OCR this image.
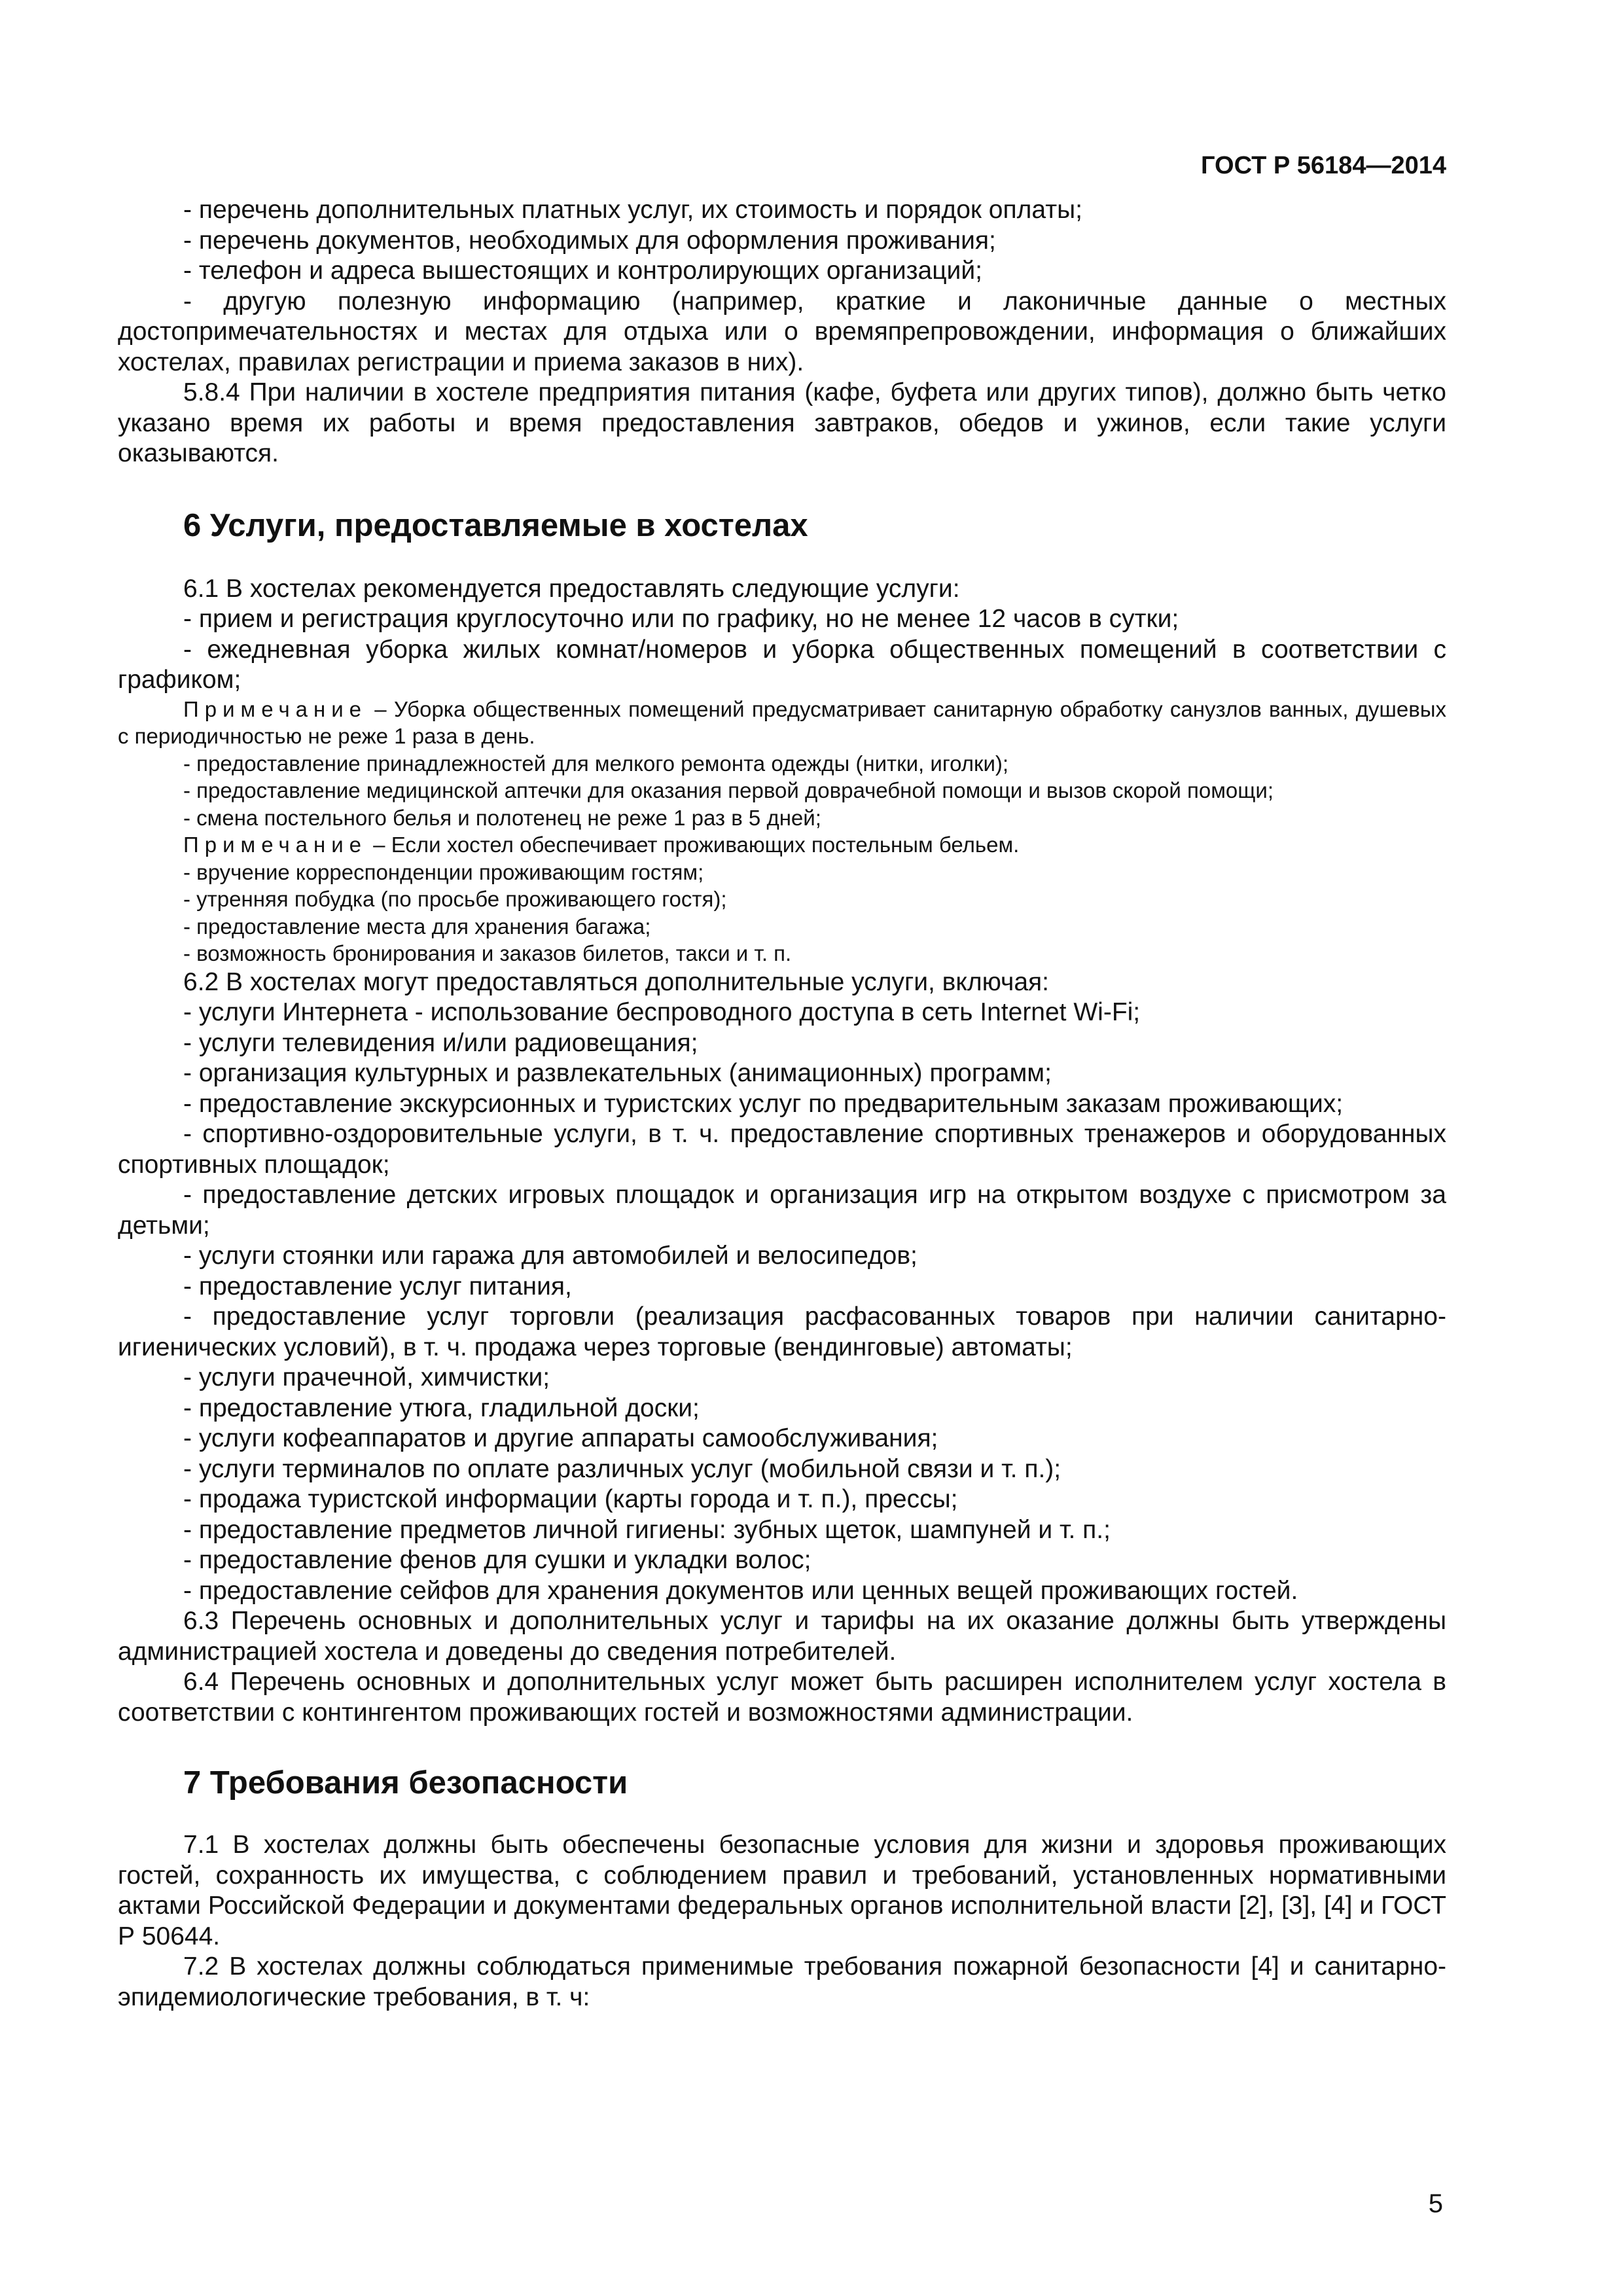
ГОСТ Р 56184—2014

- перечень дополнительных платных услуг, их стоимость и порядок оплаты;

- перечень документов, необходимых для оформления проживания;

- телефон и адреса вышестоящих и контролирующих организаций;

- другую полезную информацию (например, краткие и лаконичные данные о местных достопримечательностях и местах для отдыха или о времяпрепровождении, информация о ближайших хостелах, правилах регистрации и приема заказов в них).

5.8.4 При наличии в хостеле предприятия питания (кафе, буфета или других типов), должно быть четко указано время их работы и время предоставления завтраков, обедов и ужинов, если такие услуги оказываются.

6 Услуги, предоставляемые в хостелах

6.1 В хостелах рекомендуется предоставлять следующие услуги:

- прием и регистрация круглосуточно или по графику, но не менее 12 часов в сутки;

- ежедневная уборка жилых комнат/номеров и уборка общественных помещений в соответствии с графиком;

Примечание – Уборка общественных помещений предусматривает санитарную обработку санузлов ванных, душевых с периодичностью не реже 1 раза в день.

- предоставление принадлежностей для мелкого ремонта одежды (нитки, иголки);

- предоставление медицинской аптечки для оказания первой доврачебной помощи и вызов скорой помощи;

- смена постельного белья и полотенец не реже 1 раз в 5 дней;

Примечание – Если хостел обеспечивает проживающих постельным бельем.

- вручение корреспонденции проживающим гостям;

- утренняя побудка (по просьбе проживающего гостя);

- предоставление места для хранения багажа;

- возможность бронирования и заказов билетов, такси и т. п.

6.2 В хостелах могут предоставляться дополнительные услуги, включая:

- услуги Интернета - использование беспроводного доступа в сеть Internet Wi-Fi;

- услуги телевидения и/или радиовещания;

- организация культурных и развлекательных (анимационных) программ;

- предоставление экскурсионных и туристских услуг по предварительным заказам проживающих;

- спортивно-оздоровительные услуги, в т. ч. предоставление спортивных тренажеров и оборудованных спортивных площадок;

- предоставление детских игровых площадок и организация игр на открытом воздухе с присмотром за детьми;

- услуги стоянки или гаража для автомобилей и велосипедов;

- предоставление услуг питания,

- предоставление услуг торговли (реализация расфасованных товаров при наличии санитарно-игиенических условий), в т. ч. продажа через торговые (вендинговые) автоматы;

- услуги прачечной, химчистки;

- предоставление утюга, гладильной доски;

- услуги кофеаппаратов и другие аппараты самообслуживания;

- услуги терминалов по оплате различных услуг (мобильной связи и т. п.);

- продажа туристской информации (карты города и т. п.), прессы;

- предоставление предметов личной гигиены: зубных щеток, шампуней и т. п.;

- предоставление фенов для сушки и укладки волос;

- предоставление сейфов для хранения документов или ценных вещей проживающих гостей.

6.3 Перечень основных и дополнительных услуг и тарифы на их оказание должны быть утверждены администрацией хостела и доведены до сведения потребителей.

6.4 Перечень основных и дополнительных услуг может быть расширен исполнителем услуг хостела в соответствии с контингентом проживающих гостей и возможностями администрации.

7 Требования безопасности

7.1 В хостелах должны быть обеспечены безопасные условия для жизни и здоровья проживающих гостей, сохранность их имущества, с соблюдением правил и требований, установленных нормативными актами Российской Федерации и документами федеральных органов исполнительной власти [2], [3], [4] и ГОСТ Р 50644.

7.2 В хостелах должны соблюдаться применимые требования пожарной безопасности [4] и санитарно-эпидемиологические требования, в т. ч:

5
